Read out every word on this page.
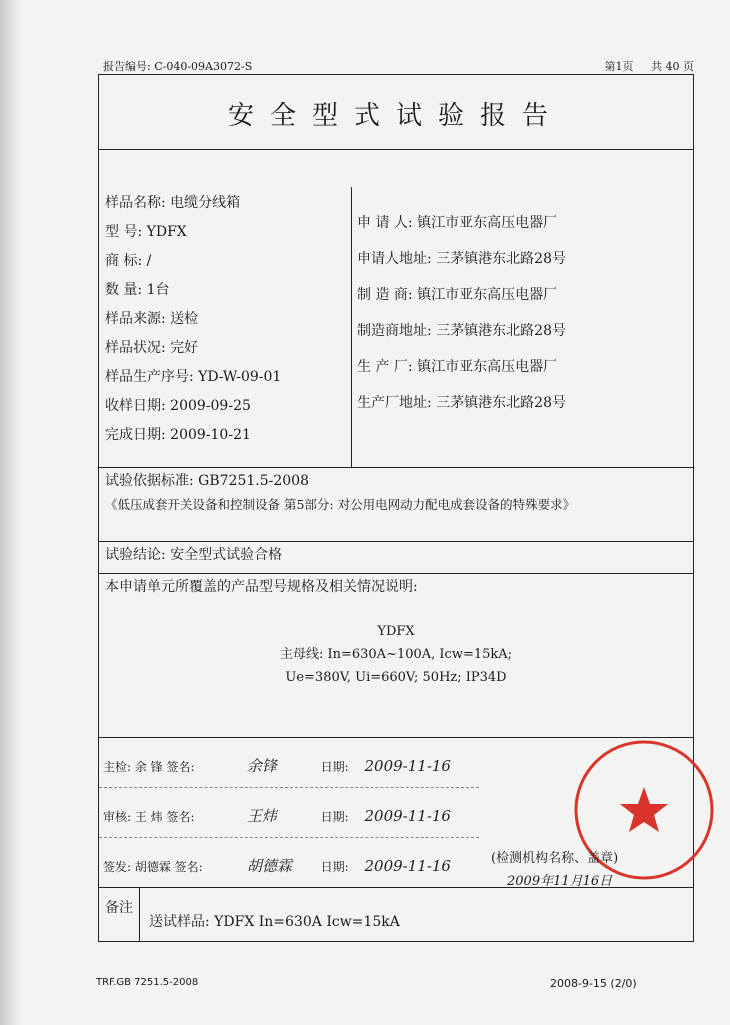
报告编号: C-040-09A3072-S	第1页 共 40 页
安全型式试验报告
样品名称: 电缆分线箱
型 号: YDFX
商 标: /
数 量: 1台
样品来源: 送检
样品状况: 完好
样品生产序号: YD-W-09-01
收样日期: 2009-09-25
完成日期: 2009-10-21
申 请 人: 镇江市亚东高压电器厂
申请人地址: 三茅镇港东北路28号
制 造 商: 镇江市亚东高压电器厂
制造商地址: 三茅镇港东北路28号
生 产 厂: 镇江市亚东高压电器厂
生产厂地址: 三茅镇港东北路28号
试验依据标准: GB7251.5-2008
《低压成套开关设备和控制设备 第5部分: 对公用电网动力配电成套设备的特殊要求》
试验结论: 安全型式试验合格
本申请单元所覆盖的产品型号规格及相关情况说明:
YDFX
主母线: In=630A~100A, Icw=15kA;
Ue=380V, Ui=660V; 50Hz; IP34D
主检: 余 锋 签名:	余锋	日期: 2009-11-16
审核: 王 炜 签名:	王炜	日期: 2009-11-16
签发: 胡德霖 签名:	胡德霖 日期: 2009-11-16	(检测机构名称、盖章)
2009年11月16日
备注
送试样品: YDFX In=630A Icw=15kA
TRF.GB 7251.5-2008	2008-9-15 (2/0)
